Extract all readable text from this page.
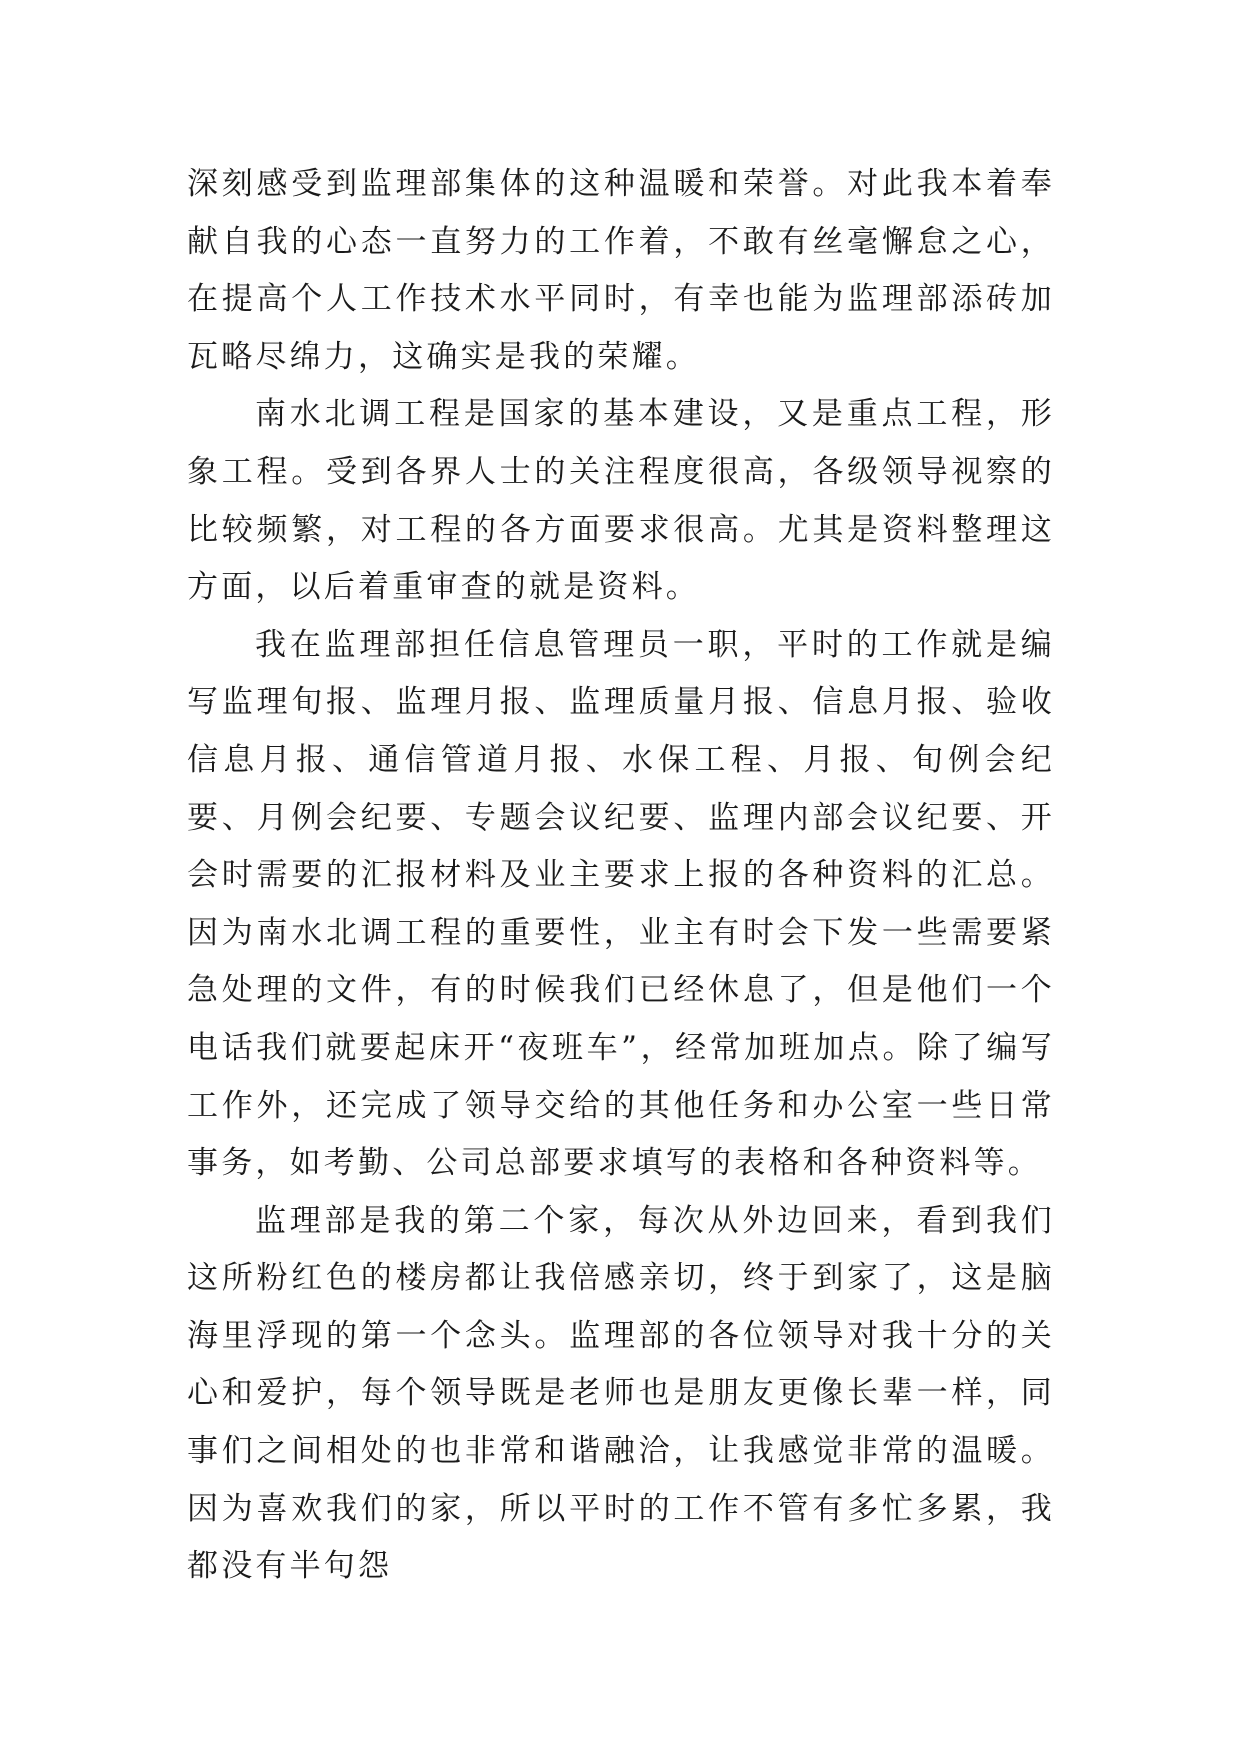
深刻感受到监理部集体的这种温暖和荣誉。对此我本着奉献自我的心态一直努力的工作着，不敢有丝毫懈怠之心，在提高个人工作技术水平同时，有幸也能为监理部添砖加瓦略尽绵力，这确实是我的荣耀。

南水北调工程是国家的基本建设，又是重点工程，形象工程。受到各界人士的关注程度很高，各级领导视察的比较频繁，对工程的各方面要求很高。尤其是资料整理这方面，以后着重审查的就是资料。

我在监理部担任信息管理员一职，平时的工作就是编写监理旬报、监理月报、监理质量月报、信息月报、验收信息月报、通信管道月报、水保工程、月报、旬例会纪要、月例会纪要、专题会议纪要、监理内部会议纪要、开会时需要的汇报材料及业主要求上报的各种资料的汇总。因为南水北调工程的重要性，业主有时会下发一些需要紧急处理的文件，有的时候我们已经休息了，但是他们一个电话我们就要起床开“夜班车”，经常加班加点。除了编写工作外，还完成了领导交给的其他任务和办公室一些日常事务，如考勤、公司总部要求填写的表格和各种资料等。

监理部是我的第二个家，每次从外边回来，看到我们这所粉红色的楼房都让我倍感亲切，终于到家了，这是脑海里浮现的第一个念头。监理部的各位领导对我十分的关心和爱护，每个领导既是老师也是朋友更像长辈一样，同事们之间相处的也非常和谐融洽，让我感觉非常的温暖。因为喜欢我们的家，所以平时的工作不管有多忙多累，我都没有半句怨
